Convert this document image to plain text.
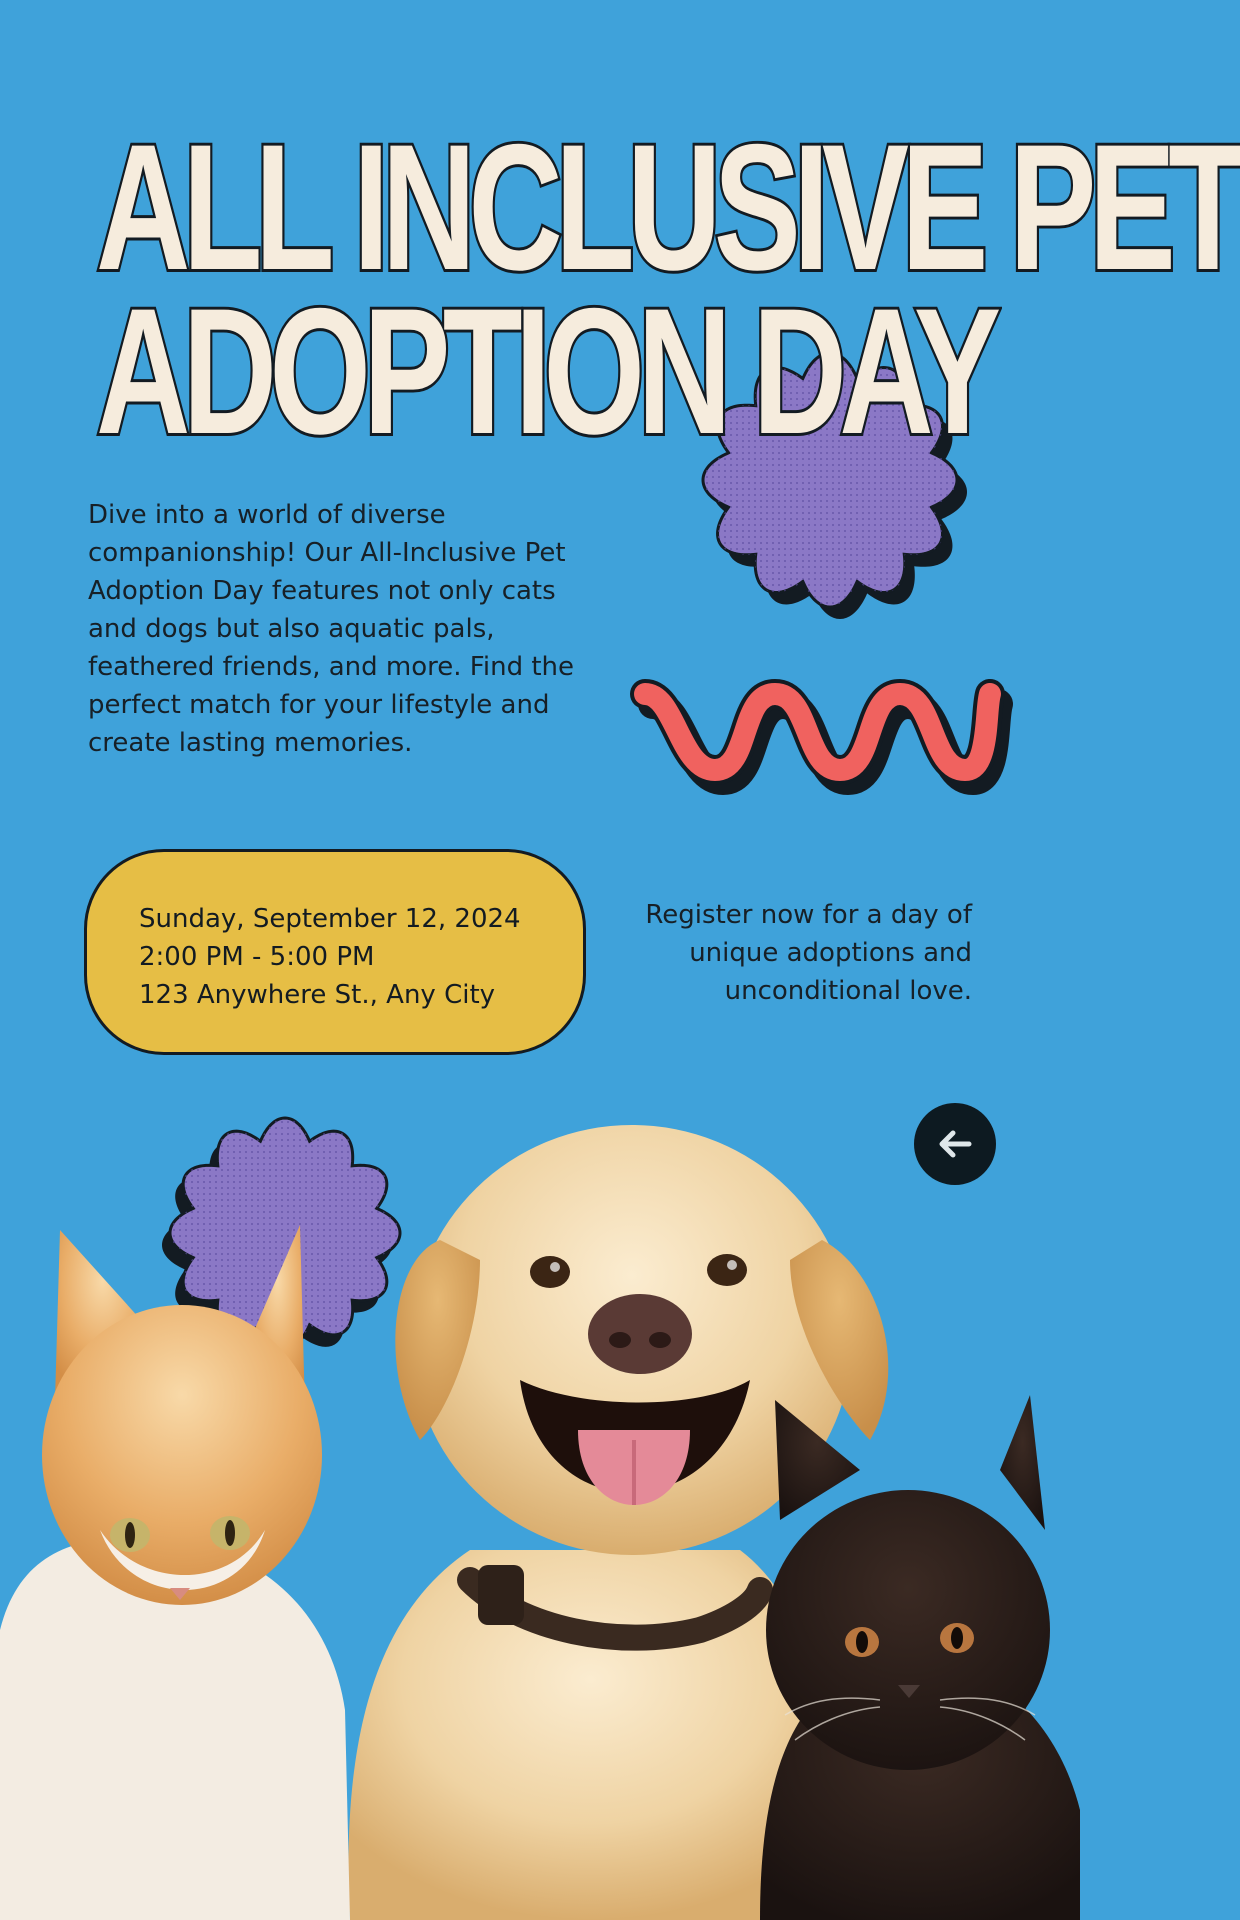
ALL INCLUSIVE PET
ADOPTION DAY

Dive into a world of diverse companionship! Our All-Inclusive Pet Adoption Day features not only cats and dogs but also aquatic pals, feathered friends, and more. Find the perfect match for your lifestyle and create lasting memories.

Sunday, September 12, 2024
2:00 PM - 5:00 PM
123 Anywhere St., Any City

Register now for a day of unique adoptions and unconditional love.
